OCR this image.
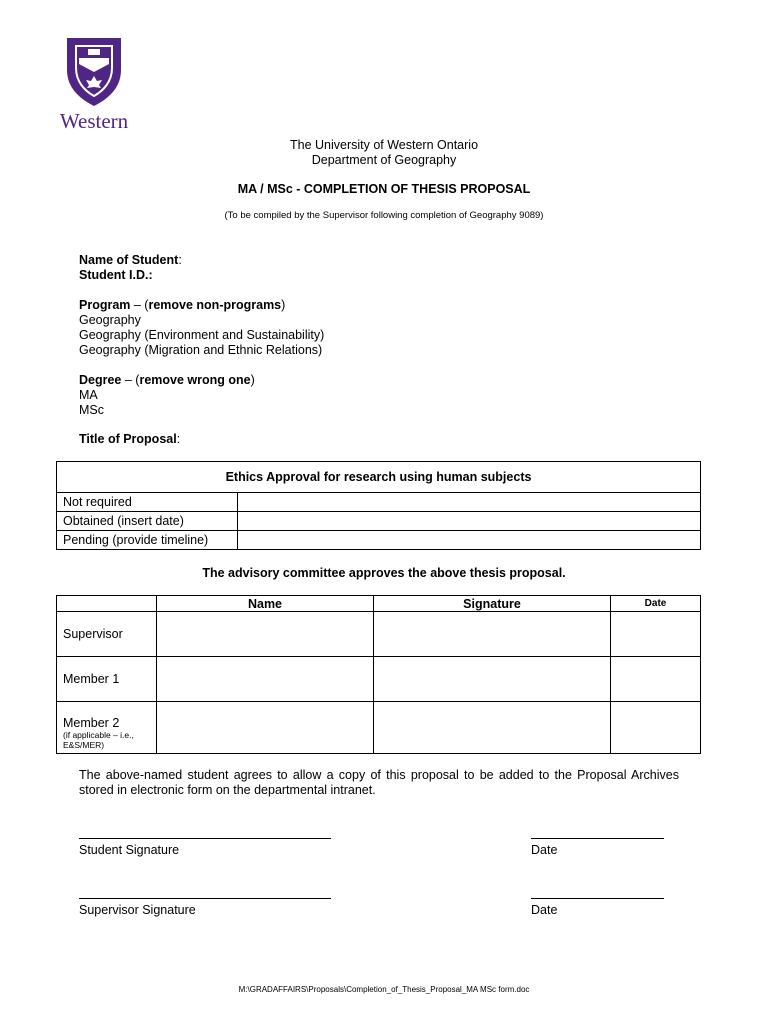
Western
The University of Western Ontario
Department of Geography
MA / MSc - COMPLETION OF THESIS PROPOSAL
(To be compiled by the Supervisor following completion of Geography 9089)
Name of Student:
Student I.D.:
Program – (remove non-programs)
Geography
Geography (Environment and Sustainability)
Geography (Migration and Ethnic Relations)
Degree – (remove wrong one)
MA
MSc
Title of Proposal:
Ethics Approval for research using human subjects	
Not required	
Obtained (insert date)	
Pending (provide timeline)	
The advisory committee approves the above thesis proposal.
	Name	Signature	Date
Supervisor			
Member 1			
Member 2
(if applicable – i.e., E&S/MER)			

The above-named student agrees to allow a copy of this proposal to be added to the Proposal Archives stored in electronic form on the departmental intranet.
Student Signature	Date
Supervisor Signature	Date
M:\GRADAFFAIRS\Proposals\Completion_of_Thesis_Proposal_MA MSc form.doc
